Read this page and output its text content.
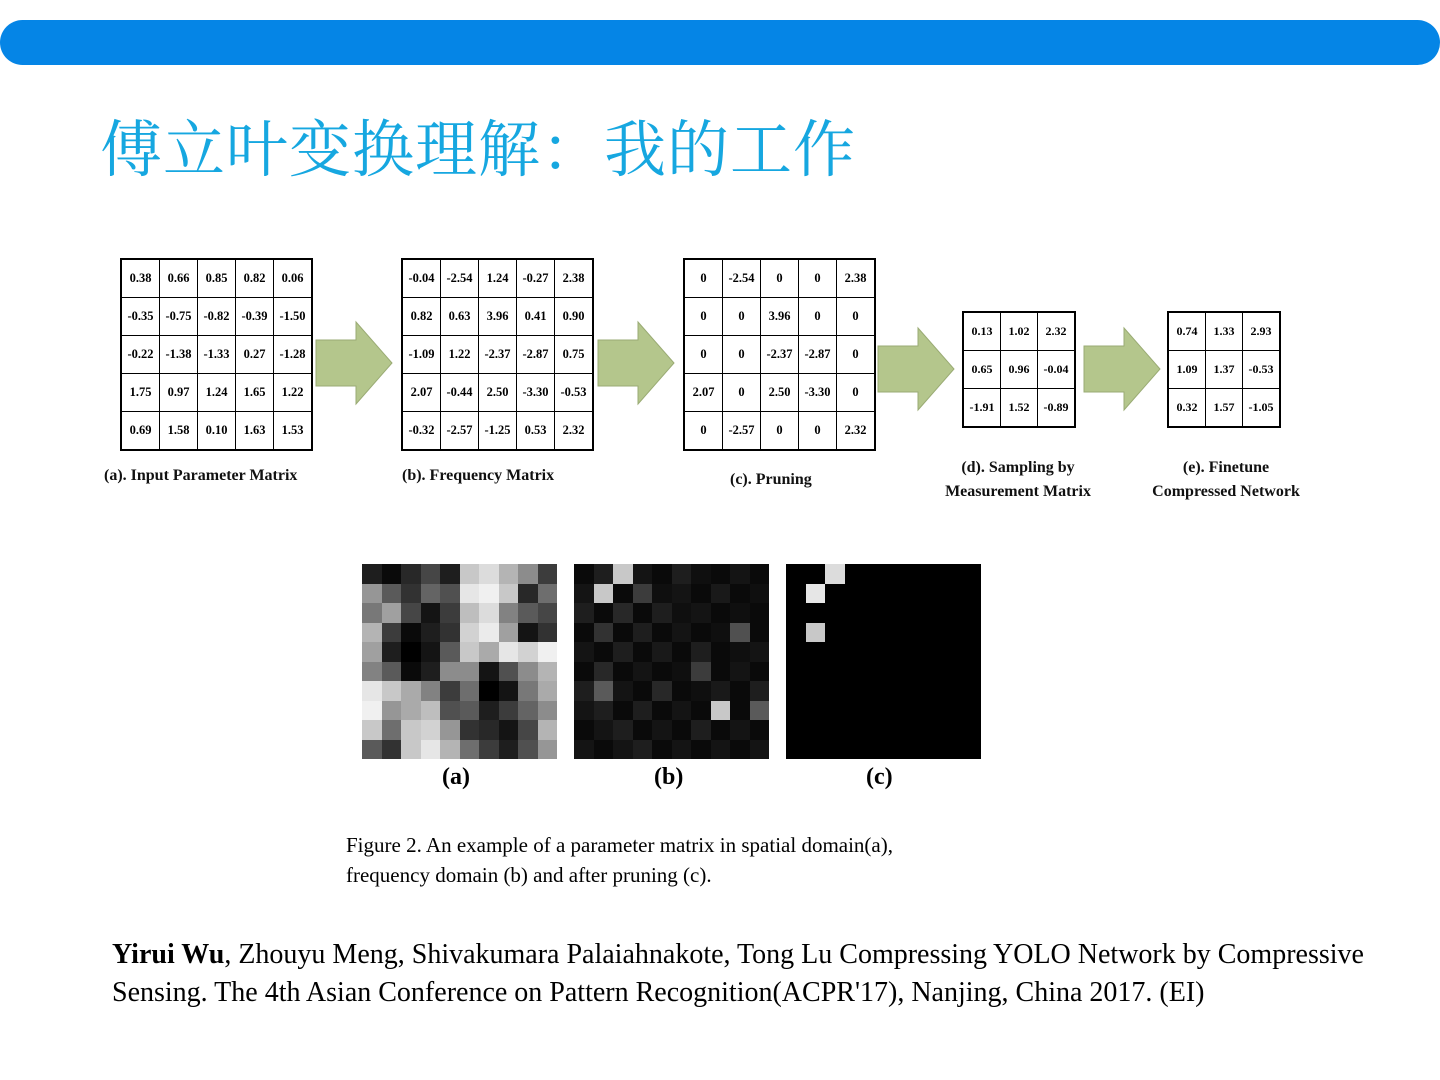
傅立叶变换理解：我的工作
0.38	0.66	0.85	0.82	0.06
-0.35	-0.75	-0.82	-0.39	-1.50
-0.22	-1.38	-1.33	0.27	-1.28
1.75	0.97	1.24	1.65	1.22
0.69	1.58	0.10	1.63	1.53
-0.04	-2.54	1.24	-0.27	2.38
0.82	0.63	3.96	0.41	0.90
-1.09	1.22	-2.37	-2.87	0.75
2.07	-0.44	2.50	-3.30	-0.53
-0.32	-2.57	-1.25	0.53	2.32
0	-2.54	0	0	2.38
0	0	3.96	0	0
0	0	-2.37	-2.87	0
2.07	0	2.50	-3.30	0
0	-2.57	0	0	2.32
0.13	1.02	2.32
0.65	0.96	-0.04
-1.91	1.52	-0.89
0.74	1.33	2.93
1.09	1.37	-0.53
0.32	1.57	-1.05
(a). Input Parameter Matrix	(b). Frequency Matrix	(c). Pruning
(d). Sampling by
Measurement Matrix
(e). Finetune
Compressed Network
(a)	(b)	(c)
Figure 2. An example of a parameter matrix in spatial domain(a),
frequency domain (b) and after pruning (c).
Yirui Wu, Zhouyu Meng, Shivakumara Palaiahnakote, Tong Lu Compressing YOLO Network by Compressive Sensing. The 4th Asian Conference on Pattern Recognition(ACPR'17), Nanjing, China 2017. (EI)
